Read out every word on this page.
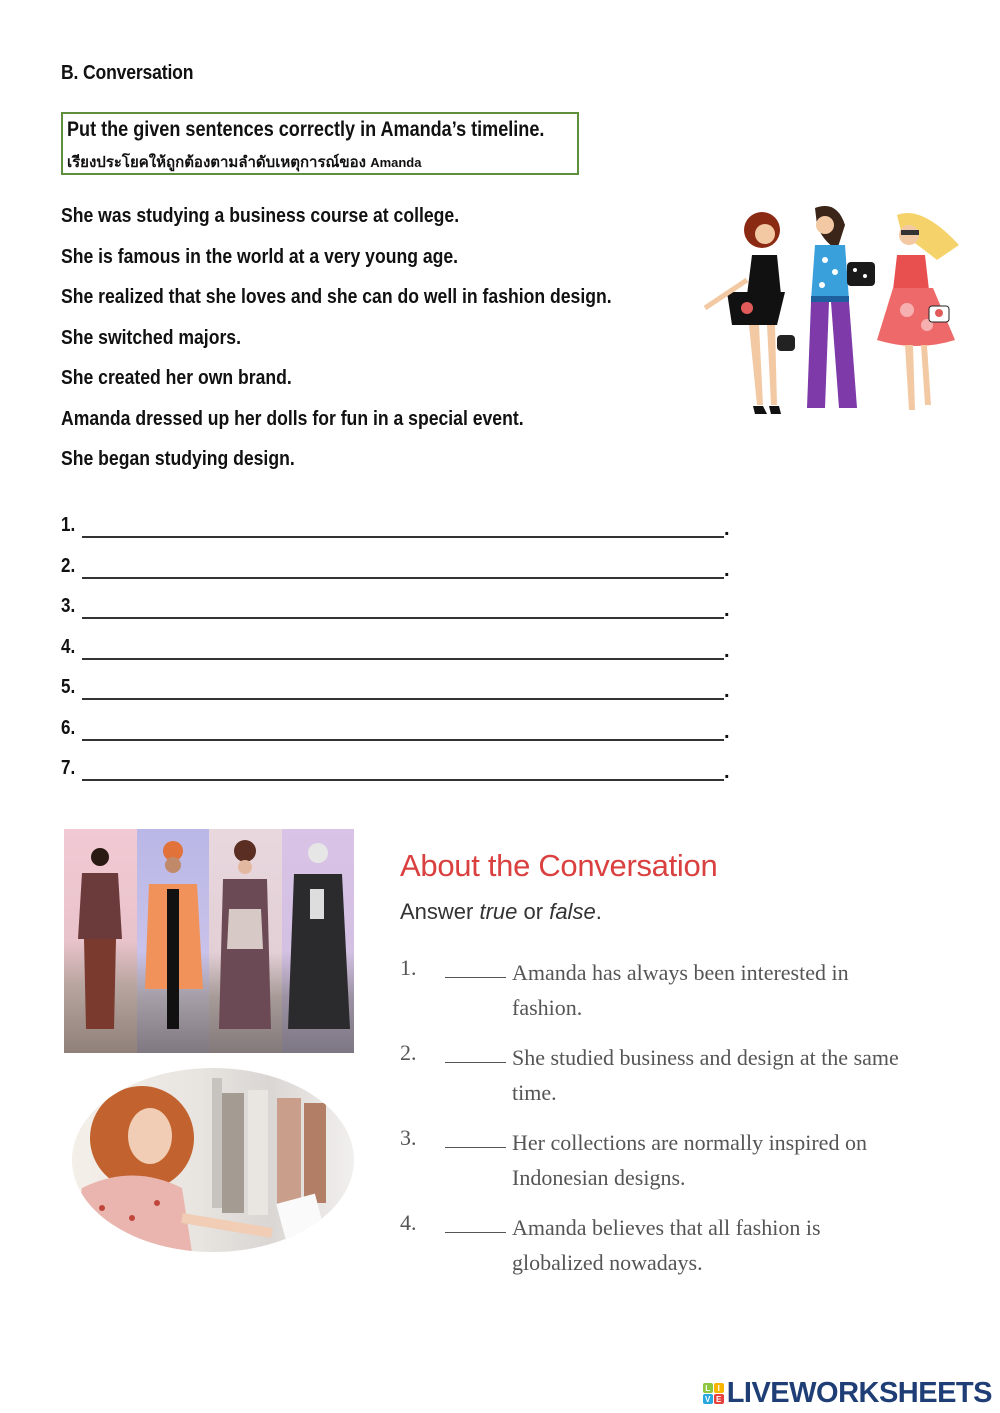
B. Conversation
Put the given sentences correctly in Amanda’s timeline.
เรียงประโยคให้ถูกต้องตามลำดับเหตุการณ์ของ Amanda
She was studying a business course at college.
She is famous in the world at a very young age.
She realized that she loves and she can do well in fashion design.
She switched majors.
She created her own brand.
Amanda dressed up her dolls for fun in a special event.
She began studying design.
1.	.
2.	.
3.	.
4.	.
5.	.
6.	.
7.	.
About the Conversation
Answer true or false.
1.	Amanda has always been interested in fashion.
2.	She studied business and design at the same time.
3.	Her collections are normally inspired on Indonesian designs.
4.	Amanda believes that all fashion is globalized nowadays.
L I
V E LIVEWORKSHEETS
